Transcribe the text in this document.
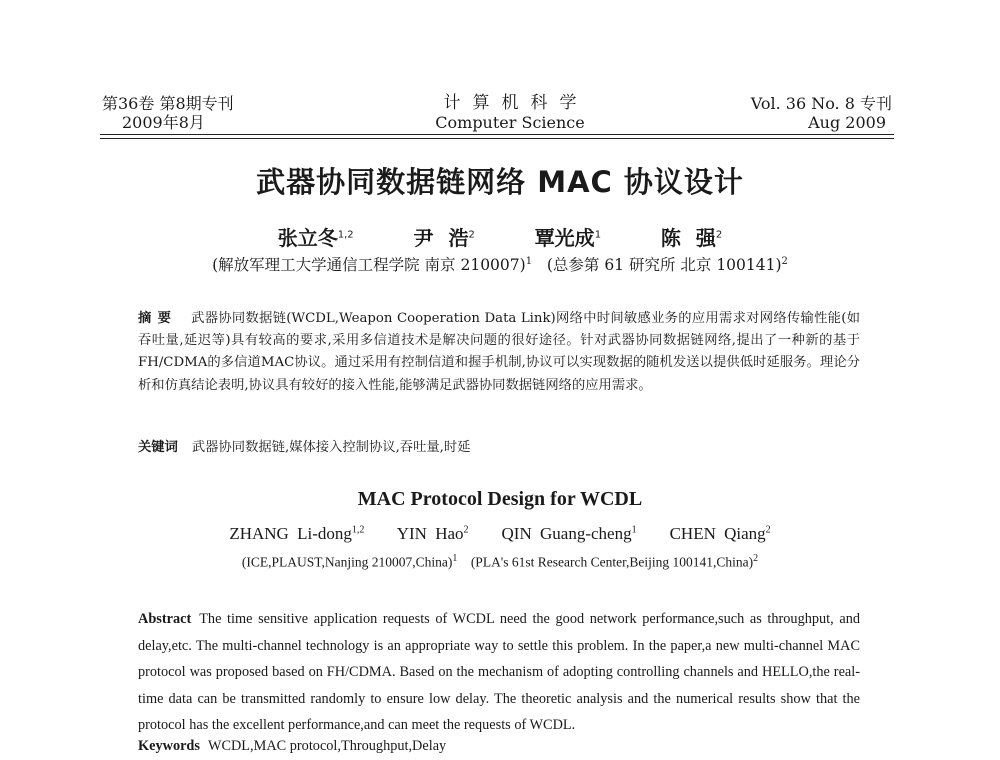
第36卷 第8期专刊
2009年8月
计算机科学
Computer Science
Vol. 36 No. 8 专刊
Aug 2009
武器协同数据链网络 MAC 协议设计
张立冬$^{1,2}$	尹 浩$^2$	覃光成$^1$	陈 强$^2$
(解放军理工大学通信工程学院 南京 210007)$^1$ (总参第 61 研究所 北京 100141)$^2$
摘要 武器协同数据链(WCDL,Weapon Cooperation Data Link)网络中时间敏感业务的应用需求对网络传输性能(如吞吐量,延迟等)具有较高的要求,采用多信道技术是解决问题的很好途径。针对武器协同数据链网络,提出了一种新的基于FH/CDMA的多信道MAC协议。通过采用有控制信道和握手机制,协议可以实现数据的随机发送以提供低时延服务。理论分析和仿真结论表明,协议具有较好的接入性能,能够满足武器协同数据链网络的应用需求。
关键词 武器协同数据链,媒体接入控制协议,吞吐量,时延
MAC Protocol Design for WCDL
ZHANG Li-dong$^{1,2}$ YIN Hao$^2$ QIN Guang-cheng$^1$ CHEN Qiang$^2$
(ICE,PLAUST,Nanjing 210007,China)$^1$ (PLA's 61st Research Center,Beijing 100141,China)$^2$
Abstract The time sensitive application requests of WCDL need the good network performance,such as throughput, and delay,etc. The multi-channel technology is an appropriate way to settle this problem. In the paper,a new multi-channel MAC protocol was proposed based on FH/CDMA. Based on the mechanism of adopting controlling channels and HELLO,the real-time data can be transmitted randomly to ensure low delay. The theoretic analysis and the numerical results show that the protocol has the excellent performance,and can meet the requests of WCDL.
Keywords WCDL,MAC protocol,Throughput,Delay
